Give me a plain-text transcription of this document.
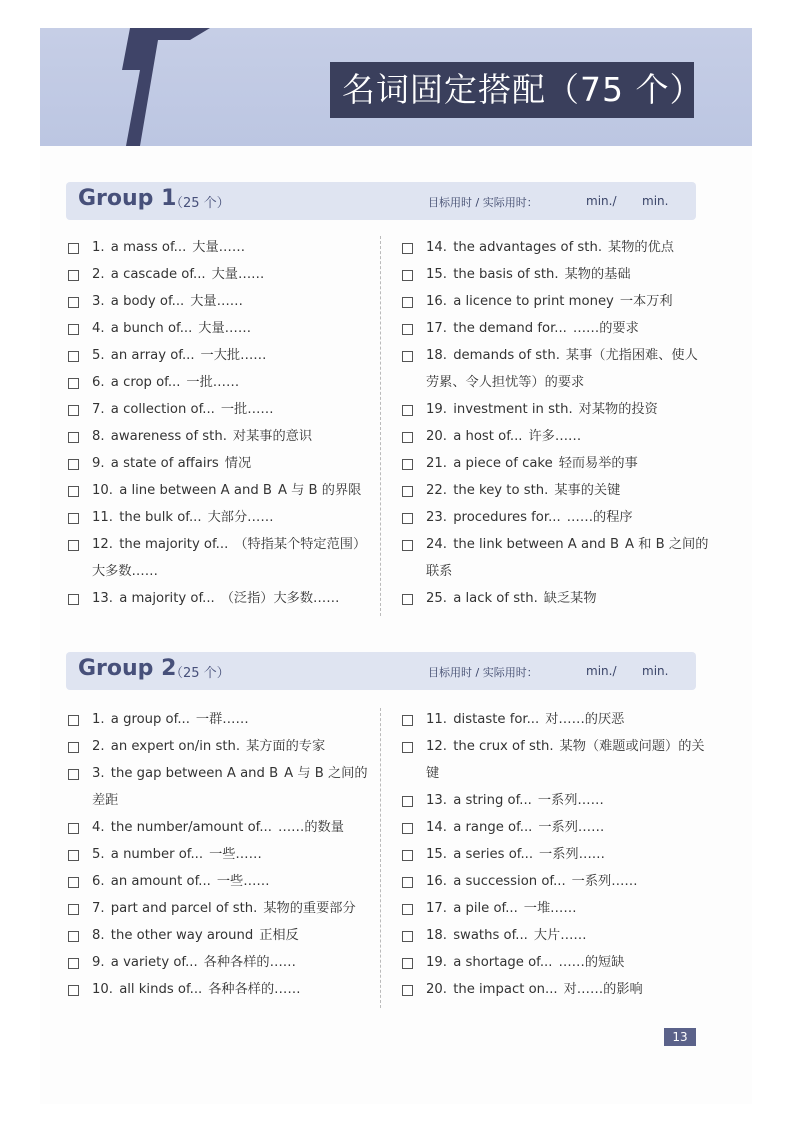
名词固定搭配（75 个）
Group 1
（25 个）	目标用时 / 实际用时：	min./ min.
1. a mass of... 大量……
2. a cascade of... 大量……
3. a body of... 大量……
4. a bunch of... 大量……
5. an array of... 一大批……
6. a crop of... 一批……
7. a collection of... 一批……
8. awareness of sth. 对某事的意识
9. a state of affairs 情况
10. a line between A and B A 与 B 的界限
11. the bulk of... 大部分……
12. the majority of... （特指某个特定范围）大多数……
13. a majority of... （泛指）大多数……
14. the advantages of sth. 某物的优点
15. the basis of sth. 某物的基础
16. a licence to print money 一本万利
17. the demand for... ……的要求
18. demands of sth. 某事（尤指困难、使人劳累、令人担忧等）的要求
19. investment in sth. 对某物的投资
20. a host of... 许多……
21. a piece of cake 轻而易举的事
22. the key to sth. 某事的关键
23. procedures for... ……的程序
24. the link between A and B A 和 B 之间的联系
25. a lack of sth. 缺乏某物
Group 2
（25 个）	目标用时 / 实际用时：	min./ min.
1. a group of... 一群……
2. an expert on/in sth. 某方面的专家
3. the gap between A and B A 与 B 之间的差距
4. the number/amount of... ……的数量
5. a number of... 一些……
6. an amount of... 一些……
7. part and parcel of sth. 某物的重要部分
8. the other way around 正相反
9. a variety of... 各种各样的……
10. all kinds of... 各种各样的……
11. distaste for... 对……的厌恶
12. the crux of sth. 某物（难题或问题）的关键
13. a string of... 一系列……
14. a range of... 一系列……
15. a series of... 一系列……
16. a succession of... 一系列……
17. a pile of... 一堆……
18. swaths of... 大片……
19. a shortage of... ……的短缺
20. the impact on... 对……的影响
13
